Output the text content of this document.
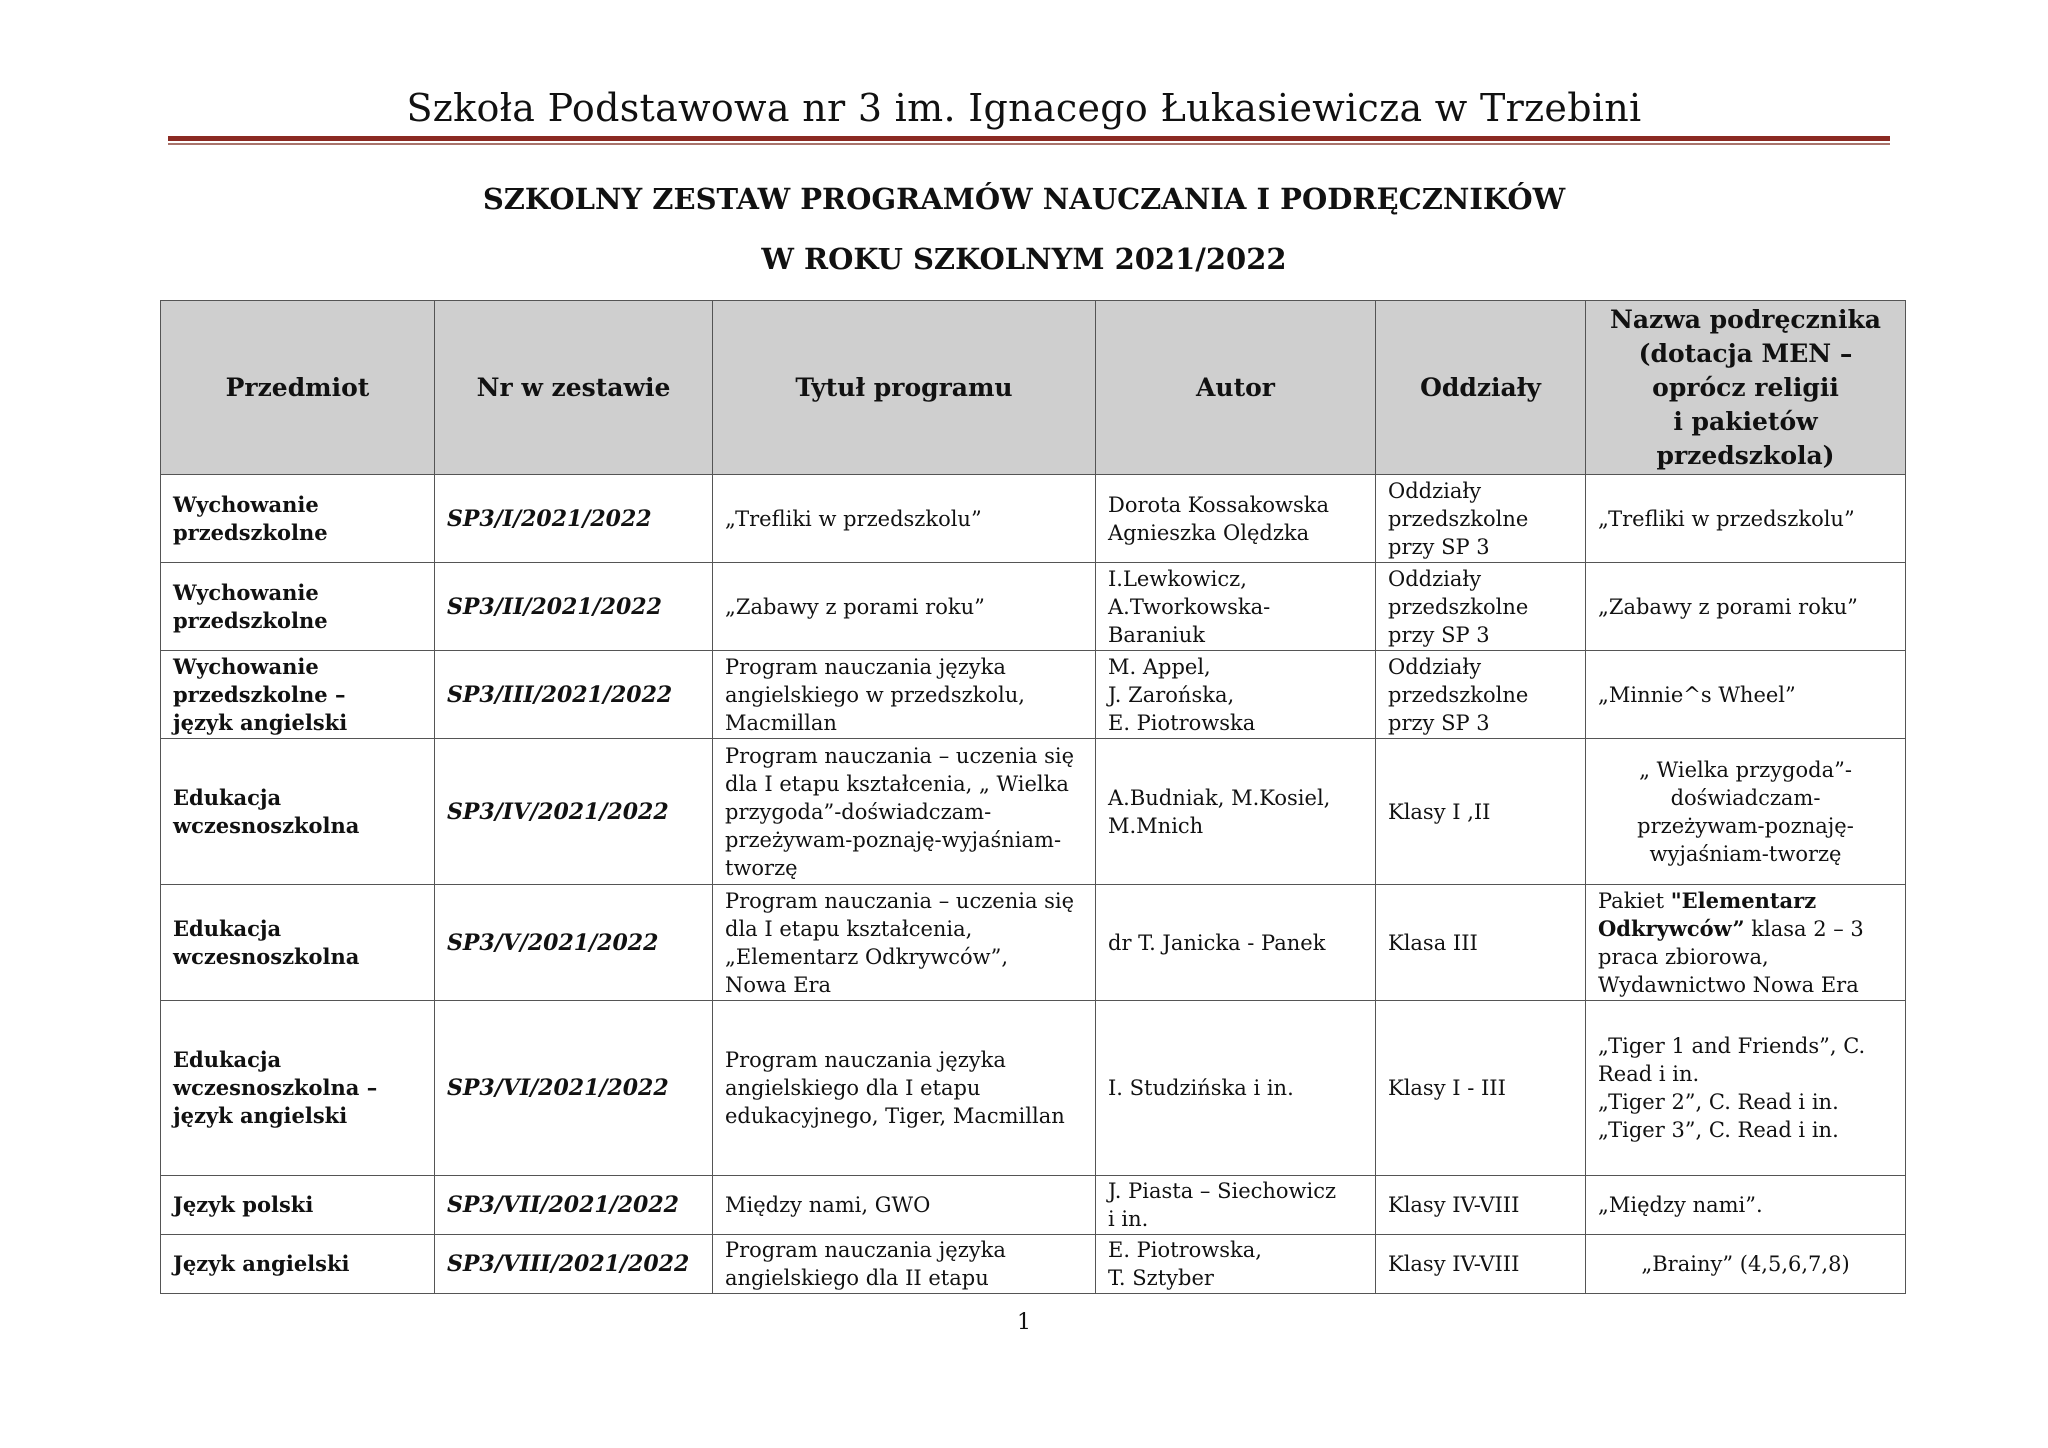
Szkoła Podstawowa nr 3 im. Ignacego Łukasiewicza w Trzebini
SZKOLNY ZESTAW PROGRAMÓW NAUCZANIA I PODRĘCZNIKÓW
W ROKU SZKOLNYM 2021/2022
Przedmiot	Nr w zestawie	Tytuł programu	Autor	Oddziały	Nazwa podręcznika
(dotacja MEN –
oprócz religii
i pakietów
przedszkola)
Wychowanie
przedszkolne	SP3/I/2021/2022	„Trefliki w przedszkolu”	Dorota Kossakowska
Agnieszka Olędzka	Oddziały
przedszkolne
przy SP 3	„Trefliki w przedszkolu”
Wychowanie
przedszkolne	SP3/II/2021/2022	„Zabawy z porami roku”	I.Lewkowicz,
A.Tworkowska-
Baraniuk	Oddziały
przedszkolne
przy SP 3	„Zabawy z porami roku”
Wychowanie
przedszkolne –
język angielski	SP3/III/2021/2022	Program nauczania języka
angielskiego w przedszkolu,
Macmillan	M. Appel,
J. Zarońska,
E. Piotrowska	Oddziały
przedszkolne
przy SP 3	„Minnie^s Wheel”
Edukacja
wczesnoszkolna	SP3/IV/2021/2022	Program nauczania – uczenia się
dla I etapu kształcenia, „ Wielka
przygoda”-doświadczam-
przeżywam-poznaję-wyjaśniam-
tworzę	A.Budniak, M.Kosiel,
M.Mnich	Klasy I ,II	„ Wielka przygoda”-
doświadczam-
przeżywam-poznaję-
wyjaśniam-tworzę
Edukacja
wczesnoszkolna	SP3/V/2021/2022	Program nauczania – uczenia się
dla I etapu kształcenia,
„Elementarz Odkrywców”,
Nowa Era	dr T. Janicka - Panek	Klasa III	Pakiet "Elementarz
Odkrywców” klasa 2 – 3
praca zbiorowa,
Wydawnictwo Nowa Era
Edukacja
wczesnoszkolna –
język angielski	SP3/VI/2021/2022	Program nauczania języka
angielskiego dla I etapu
edukacyjnego, Tiger, Macmillan	I. Studzińska i in.	Klasy I - III	„Tiger 1 and Friends”, C.
Read i in.
„Tiger 2”, C. Read i in.
„Tiger 3”, C. Read i in.
Język polski	SP3/VII/2021/2022	Między nami, GWO	J. Piasta – Siechowicz
i in.	Klasy IV-VIII	„Między nami”.
Język angielski	SP3/VIII/2021/2022	Program nauczania języka
angielskiego dla II etapu	E. Piotrowska,
T. Sztyber	Klasy IV-VIII	„Brainy” (4,5,6,7,8)
1
